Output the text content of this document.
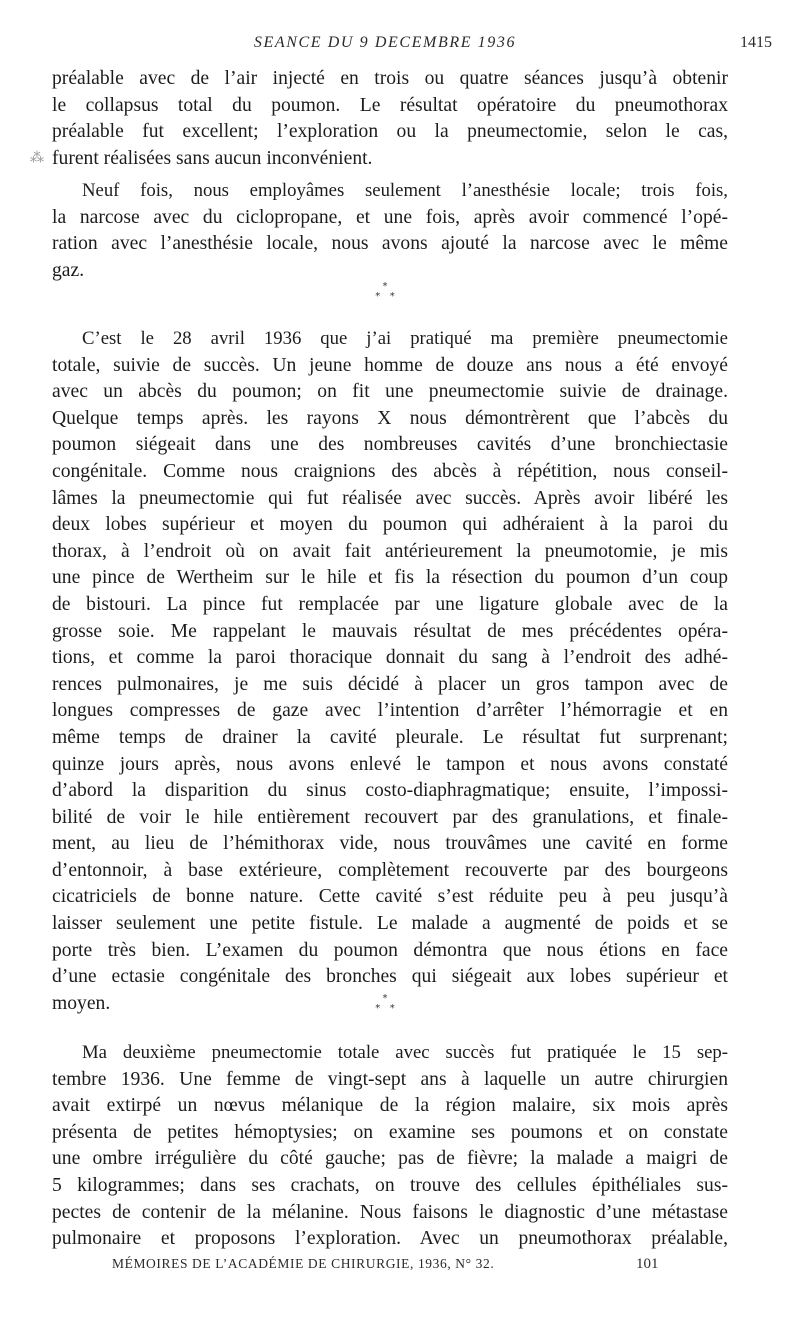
SEANCE DU 9 DECEMBRE 1936	1415
⁂
préalable avec de l’air injecté en trois ou quatre séances jusqu’à obtenir
le collapsus total du poumon. Le résultat opératoire du pneumothorax
préalable fut excellent; l’exploration ou la pneumectomie, selon le cas,
furent réalisées sans aucun inconvénient.
Neuf fois, nous employâmes seulement l’anesthésie locale; trois fois,
la narcose avec du ciclopropane, et une fois, après avoir commencé l’opé-
ration avec l’anesthésie locale, nous avons ajouté la narcose avec le même
gaz.
*
*   *
C’est le 28 avril 1936 que j’ai pratiqué ma première pneumectomie
totale, suivie de succès. Un jeune homme de douze ans nous a été envoyé
avec un abcès du poumon; on fit une pneumectomie suivie de drainage.
Quelque temps après. les rayons X nous démontrèrent que l’abcès du
poumon siégeait dans une des nombreuses cavités d’une bronchiectasie
congénitale. Comme nous craignions des abcès à répétition, nous conseil-
lâmes la pneumectomie qui fut réalisée avec succès. Après avoir libéré les
deux lobes supérieur et moyen du poumon qui adhéraient à la paroi du
thorax, à l’endroit où on avait fait antérieurement la pneumotomie, je mis
une pince de Wertheim sur le hile et fis la résection du poumon d’un coup
de bistouri. La pince fut remplacée par une ligature globale avec de la
grosse soie. Me rappelant le mauvais résultat de mes précédentes opéra-
tions, et comme la paroi thoracique donnait du sang à l’endroit des adhé-
rences pulmonaires, je me suis décidé à placer un gros tampon avec de
longues compresses de gaze avec l’intention d’arrêter l’hémorragie et en
même temps de drainer la cavité pleurale. Le résultat fut surprenant;
quinze jours après, nous avons enlevé le tampon et nous avons constaté
d’abord la disparition du sinus costo-diaphragmatique; ensuite, l’impossi-
bilité de voir le hile entièrement recouvert par des granulations, et finale-
ment, au lieu de l’hémithorax vide, nous trouvâmes une cavité en forme
d’entonnoir, à base extérieure, complètement recouverte par des bourgeons
cicatriciels de bonne nature. Cette cavité s’est réduite peu à peu jusqu’à
laisser seulement une petite fistule. Le malade a augmenté de poids et se
porte très bien. L’examen du poumon démontra que nous étions en face
d’une ectasie congénitale des bronches qui siégeait aux lobes supérieur et
moyen.	*
*   *
Ma deuxième pneumectomie totale avec succès fut pratiquée le 15 sep-
tembre 1936. Une femme de vingt-sept ans à laquelle un autre chirurgien
avait extirpé un nœvus mélanique de la région malaire, six mois après
présenta de petites hémoptysies; on examine ses poumons et on constate
une ombre irrégulière du côté gauche; pas de fièvre; la malade a maigri de
5 kilogrammes; dans ses crachats, on trouve des cellules épithéliales sus-
pectes de contenir de la mélanine. Nous faisons le diagnostic d’une métastase
pulmonaire et proposons l’exploration. Avec un pneumothorax préalable,
MÉMOIRES DE L’ACADÉMIE DE CHIRURGIE, 1936, N° 32.	101
